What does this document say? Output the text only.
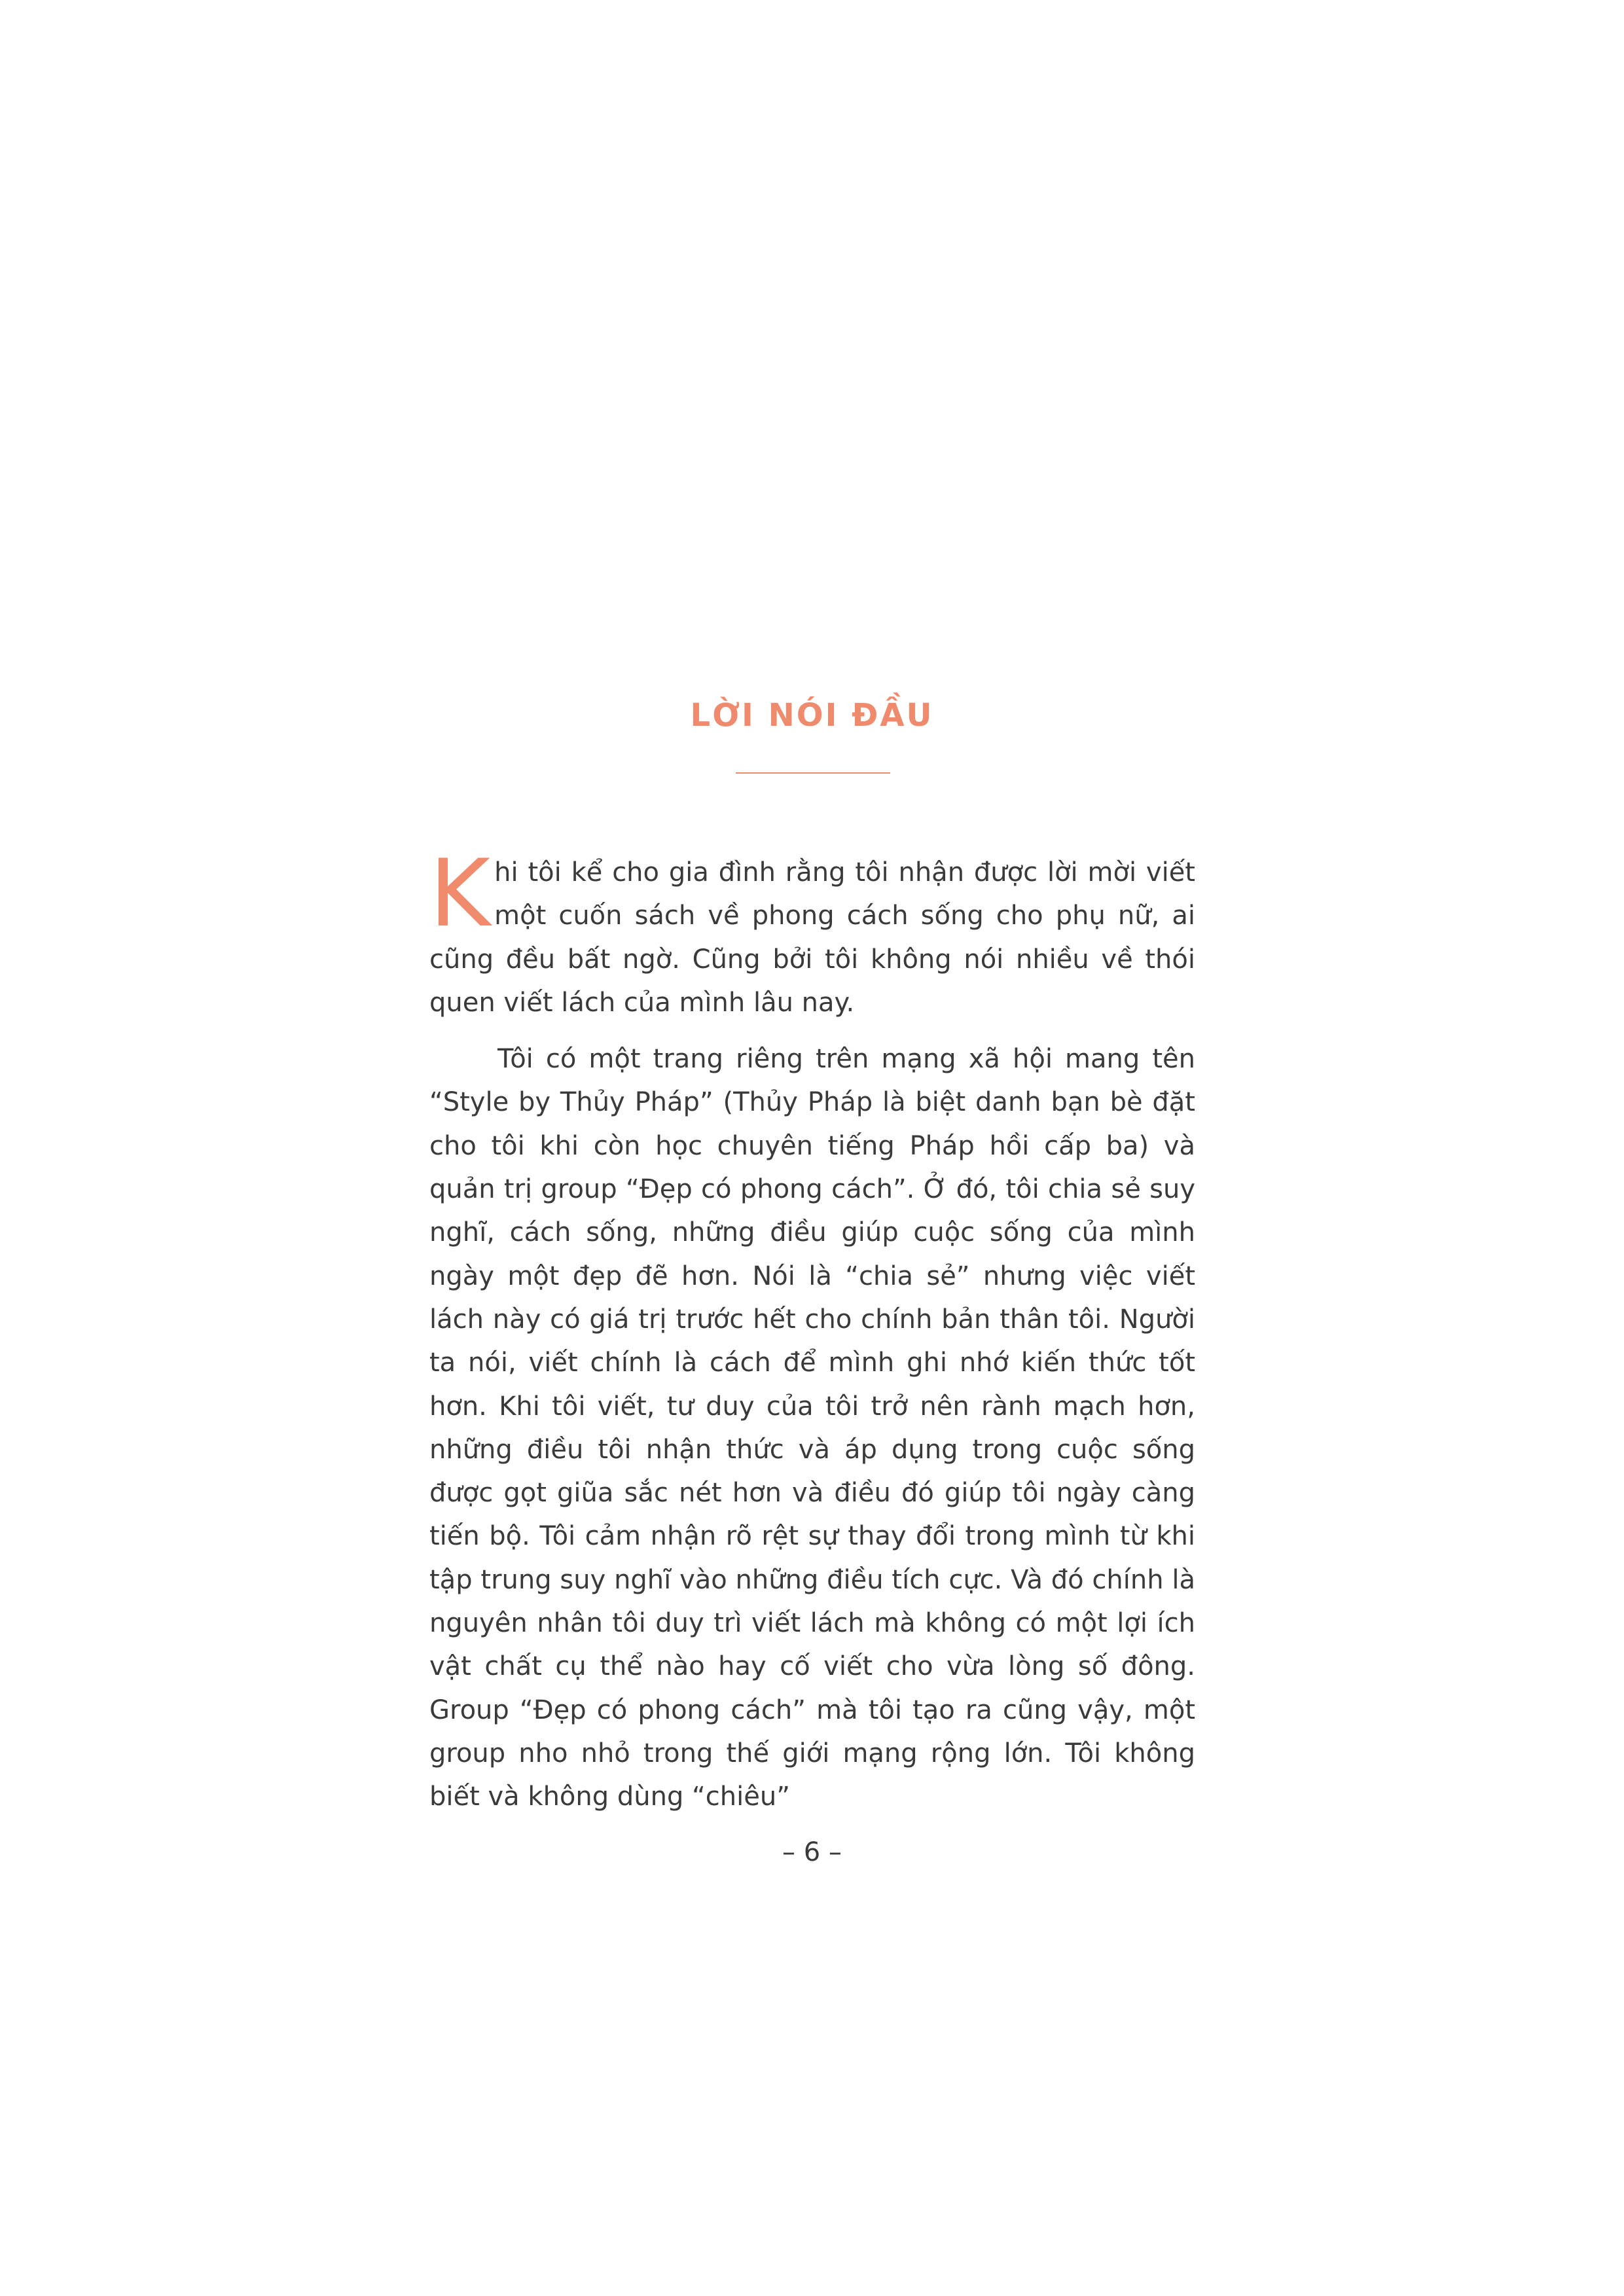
LỜI NÓI ĐẦU

Khi tôi kể cho gia đình rằng tôi nhận được lời mời viết một cuốn sách về phong cách sống cho phụ nữ, ai cũng đều bất ngờ. Cũng bởi tôi không nói nhiều về thói quen viết lách của mình lâu nay.

Tôi có một trang riêng trên mạng xã hội mang tên “Style by Thủy Pháp” (Thủy Pháp là biệt danh bạn bè đặt cho tôi khi còn học chuyên tiếng Pháp hồi cấp ba) và quản trị group “Đẹp có phong cách”. Ở đó, tôi chia sẻ suy nghĩ, cách sống, những điều giúp cuộc sống của mình ngày một đẹp đẽ hơn. Nói là “chia sẻ” nhưng việc viết lách này có giá trị trước hết cho chính bản thân tôi. Người ta nói, viết chính là cách để mình ghi nhớ kiến thức tốt hơn. Khi tôi viết, tư duy của tôi trở nên rành mạch hơn, những điều tôi nhận thức và áp dụng trong cuộc sống được gọt giũa sắc nét hơn và điều đó giúp tôi ngày càng tiến bộ. Tôi cảm nhận rõ rệt sự thay đổi trong mình từ khi tập trung suy nghĩ vào những điều tích cực. Và đó chính là nguyên nhân tôi duy trì viết lách mà không có một lợi ích vật chất cụ thể nào hay cố viết cho vừa lòng số đông. Group “Đẹp có phong cách” mà tôi tạo ra cũng vậy, một group nho nhỏ trong thế giới mạng rộng lớn. Tôi không biết và không dùng “chiêu”

– 6 –
